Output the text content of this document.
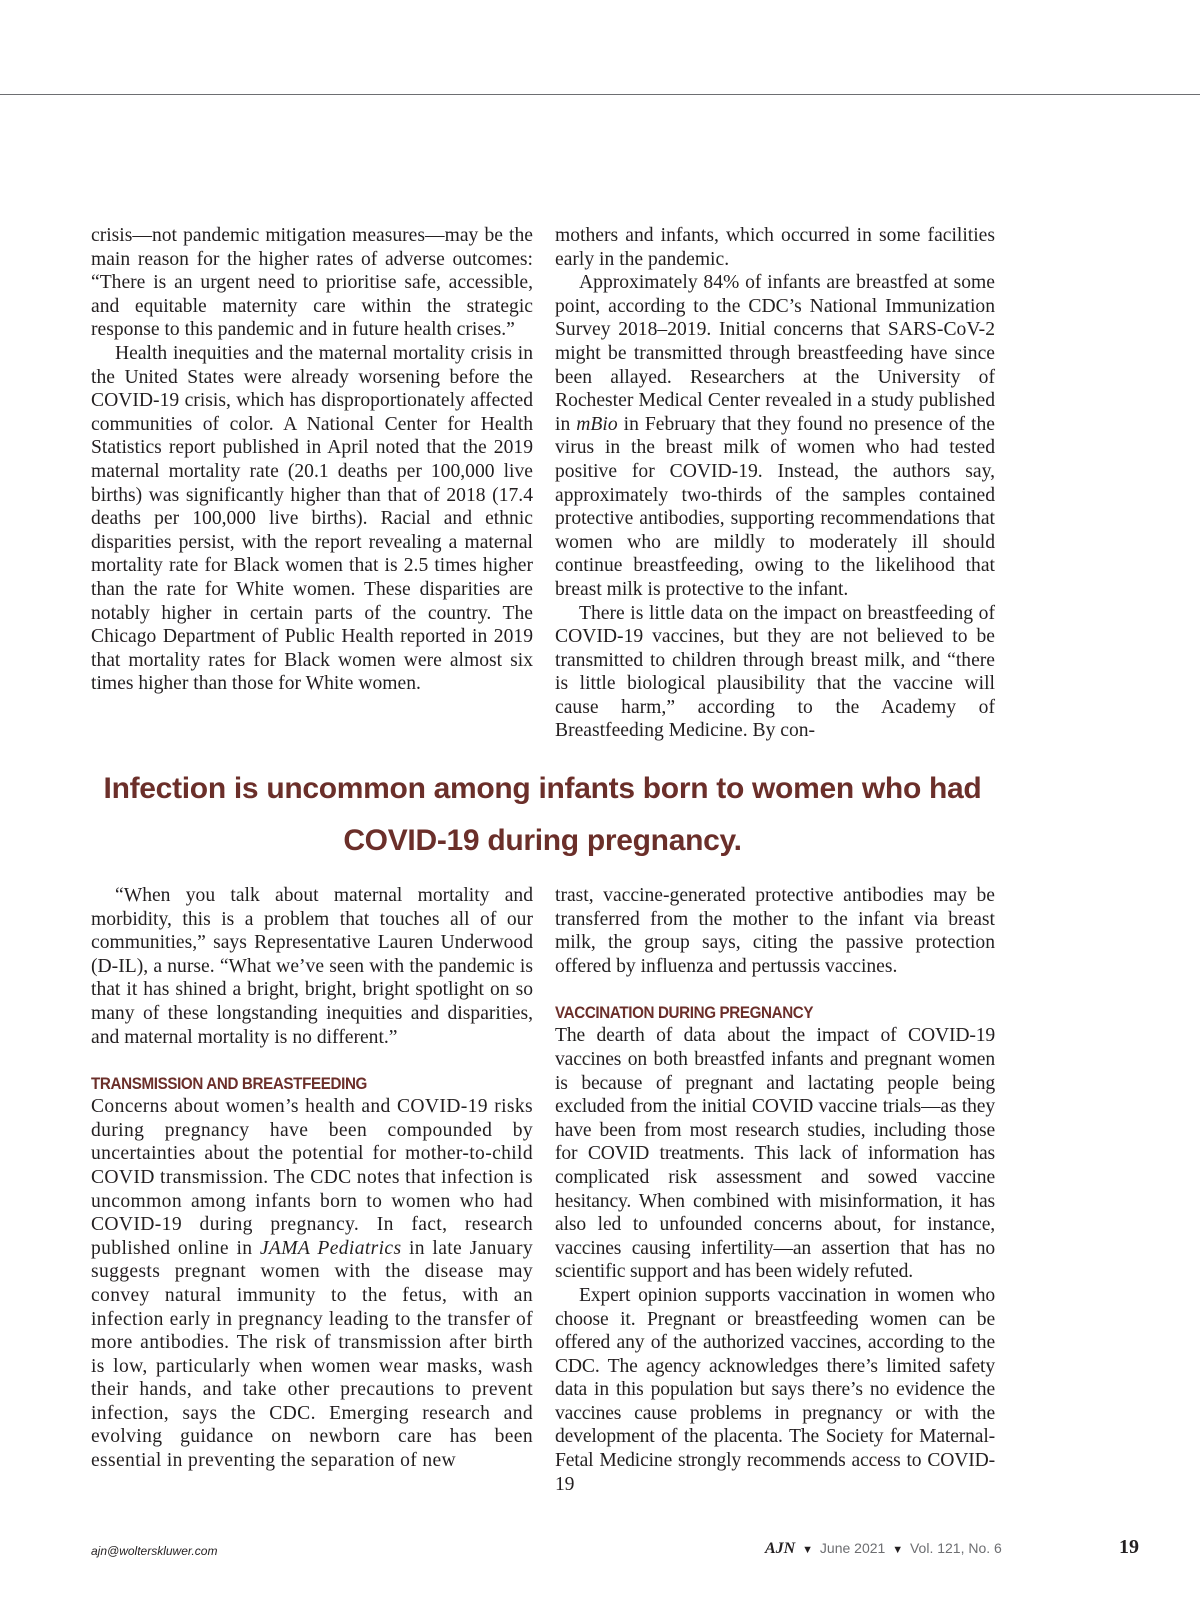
crisis—not pandemic mitigation measures—may be the main reason for the higher rates of adverse outcomes: “There is an urgent need to prioritise safe, accessible, and equitable maternity care within the strategic response to this pandemic and in future health crises.”

Health inequities and the maternal mortality crisis in the United States were already worsening before the COVID-19 crisis, which has disproportionately affected communities of color. A National Center for Health Statistics report published in April noted that the 2019 maternal mortality rate (20.1 deaths per 100,000 live births) was significantly higher than that of 2018 (17.4 deaths per 100,000 live births). Racial and ethnic disparities persist, with the report revealing a maternal mortality rate for Black women that is 2.5 times higher than the rate for White women. These disparities are notably higher in certain parts of the country. The Chicago Department of Public Health reported in 2019 that mortality rates for Black women were almost six times higher than those for White women.

mothers and infants, which occurred in some facilities early in the pandemic.

Approximately 84% of infants are breastfed at some point, according to the CDC’s National Immunization Survey 2018–2019. Initial concerns that SARS-CoV-2 might be transmitted through breastfeeding have since been allayed. Researchers at the University of Rochester Medical Center revealed in a study published in mBio in February that they found no presence of the virus in the breast milk of women who had tested positive for COVID-19. Instead, the authors say, approximately two-thirds of the samples contained protective antibodies, supporting recommendations that women who are mildly to moderately ill should continue breastfeeding, owing to the likelihood that breast milk is protective to the infant.

There is little data on the impact on breastfeeding of COVID-19 vaccines, but they are not believed to be transmitted to children through breast milk, and “there is little biological plausibility that the vaccine will cause harm,” according to the Academy of Breastfeeding Medicine. By con-

Infection is uncommon among infants born to women who had COVID-19 during pregnancy.

“When you talk about maternal mortality and morbidity, this is a problem that touches all of our communities,” says Representative Lauren Underwood (D-IL), a nurse. “What we’ve seen with the pandemic is that it has shined a bright, bright, bright spotlight on so many of these longstanding inequities and disparities, and maternal mortality is no different.”

TRANSMISSION AND BREASTFEEDING

Concerns about women’s health and COVID-19 risks during pregnancy have been compounded by uncertainties about the potential for mother-to-child COVID transmission. The CDC notes that infection is uncommon among infants born to women who had COVID-19 during pregnancy. In fact, research published online in JAMA Pediatrics in late January suggests pregnant women with the disease may convey natural immunity to the fetus, with an infection early in pregnancy leading to the transfer of more antibodies. The risk of transmission after birth is low, particularly when women wear masks, wash their hands, and take other precautions to prevent infection, says the CDC. Emerging research and evolving guidance on newborn care has been essential in preventing the separation of new

trast, vaccine-generated protective antibodies may be transferred from the mother to the infant via breast milk, the group says, citing the passive protection offered by influenza and pertussis vaccines.

VACCINATION DURING PREGNANCY

The dearth of data about the impact of COVID-19 vaccines on both breastfed infants and pregnant women is because of pregnant and lactating people being excluded from the initial COVID vaccine trials—as they have been from most research studies, including those for COVID treatments. This lack of information has complicated risk assessment and sowed vaccine hesitancy. When combined with misinformation, it has also led to unfounded concerns about, for instance, vaccines causing infertility—an assertion that has no scientific support and has been widely refuted.

Expert opinion supports vaccination in women who choose it. Pregnant or breastfeeding women can be offered any of the authorized vaccines, according to the CDC. The agency acknowledges there’s limited safety data in this population but says there’s no evidence the vaccines cause problems in pregnancy or with the development of the placenta. The Society for Maternal-Fetal Medicine strongly recommends access to COVID-19

ajn@wolterskluwer.com	AJN ▼ June 2021 ▼ Vol. 121, No. 6	19
